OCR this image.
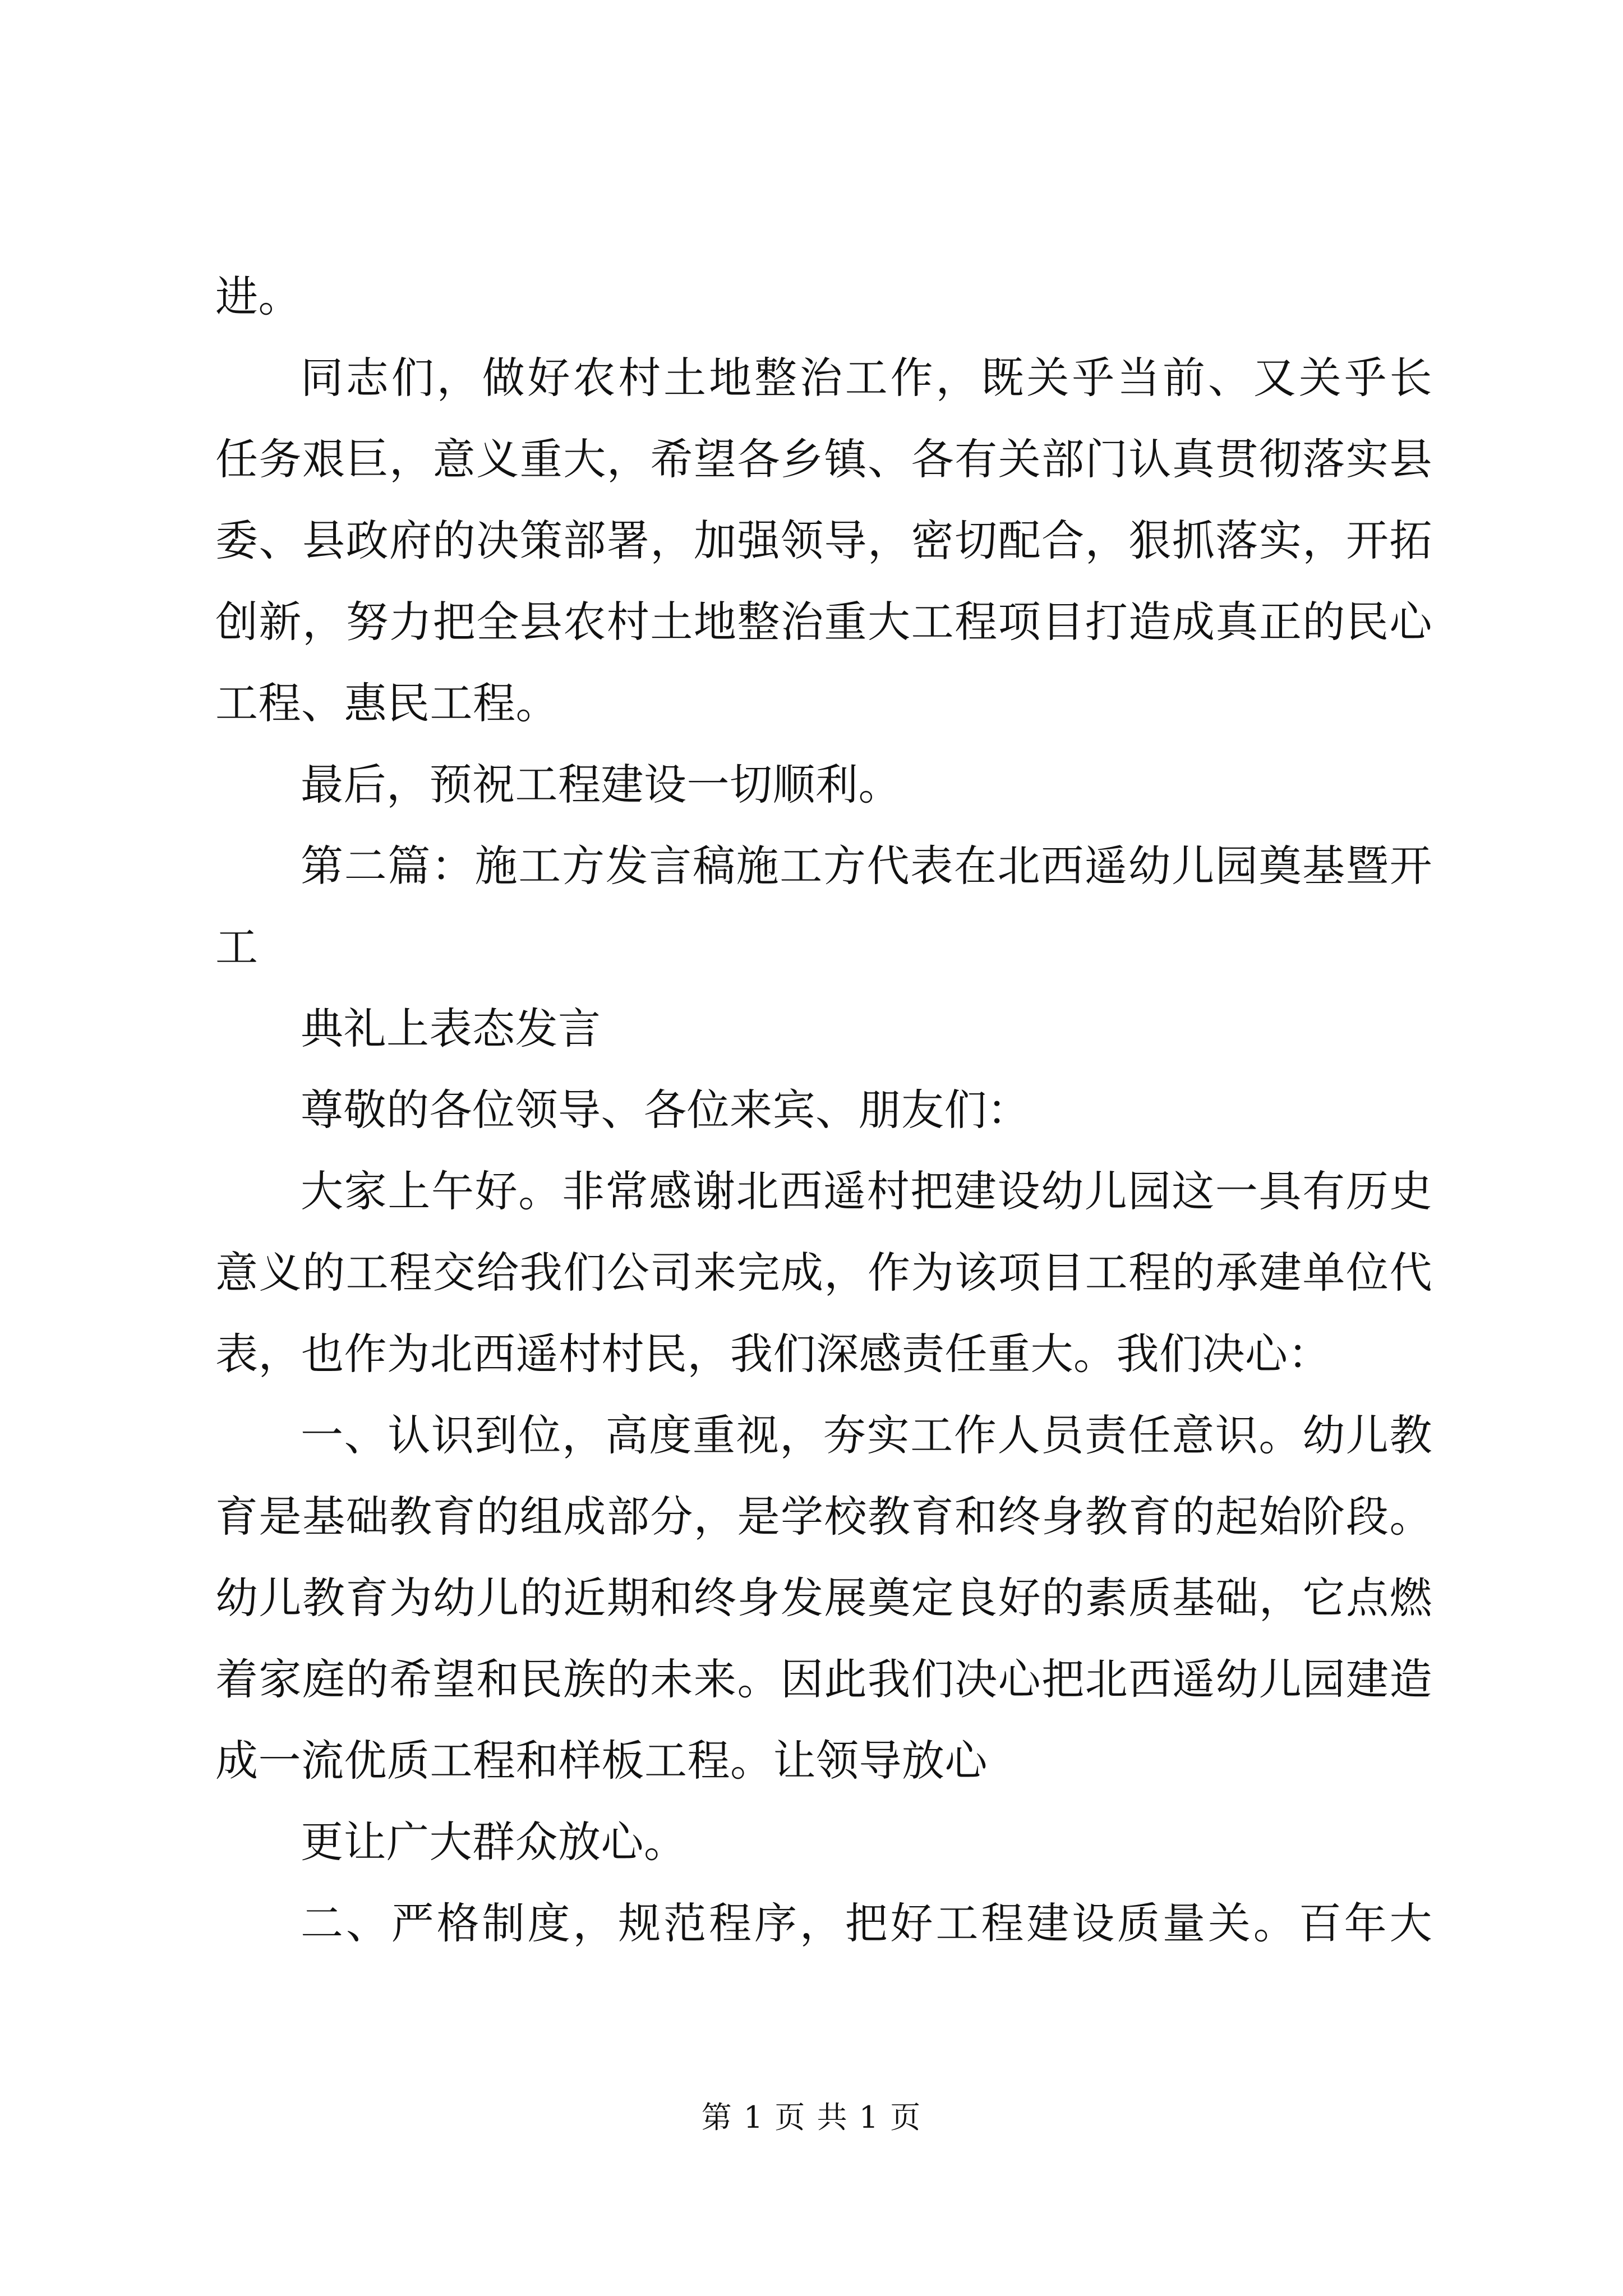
进。
同志们，做好农村土地整治工作，既关乎当前、又关乎长
任务艰巨，意义重大，希望各乡镇、各有关部门认真贯彻落实县
委、县政府的决策部署，加强领导，密切配合，狠抓落实，开拓
创新，努力把全县农村土地整治重大工程项目打造成真正的民心
工程、惠民工程。
最后，预祝工程建设一切顺利。
第二篇：施工方发言稿施工方代表在北西遥幼儿园奠基暨开
工
典礼上表态发言
尊敬的各位领导、各位来宾、朋友们：
大家上午好。非常感谢北西遥村把建设幼儿园这一具有历史
意义的工程交给我们公司来完成，作为该项目工程的承建单位代
表，也作为北西遥村村民，我们深感责任重大。我们决心：
一、认识到位，高度重视，夯实工作人员责任意识。幼儿教
育是基础教育的组成部分，是学校教育和终身教育的起始阶段。
幼儿教育为幼儿的近期和终身发展奠定良好的素质基础，它点燃
着家庭的希望和民族的未来。因此我们决心把北西遥幼儿园建造
成一流优质工程和样板工程。让领导放心
更让广大群众放心。
二、严格制度，规范程序，把好工程建设质量关。百年大
第 1 页 共 1 页
